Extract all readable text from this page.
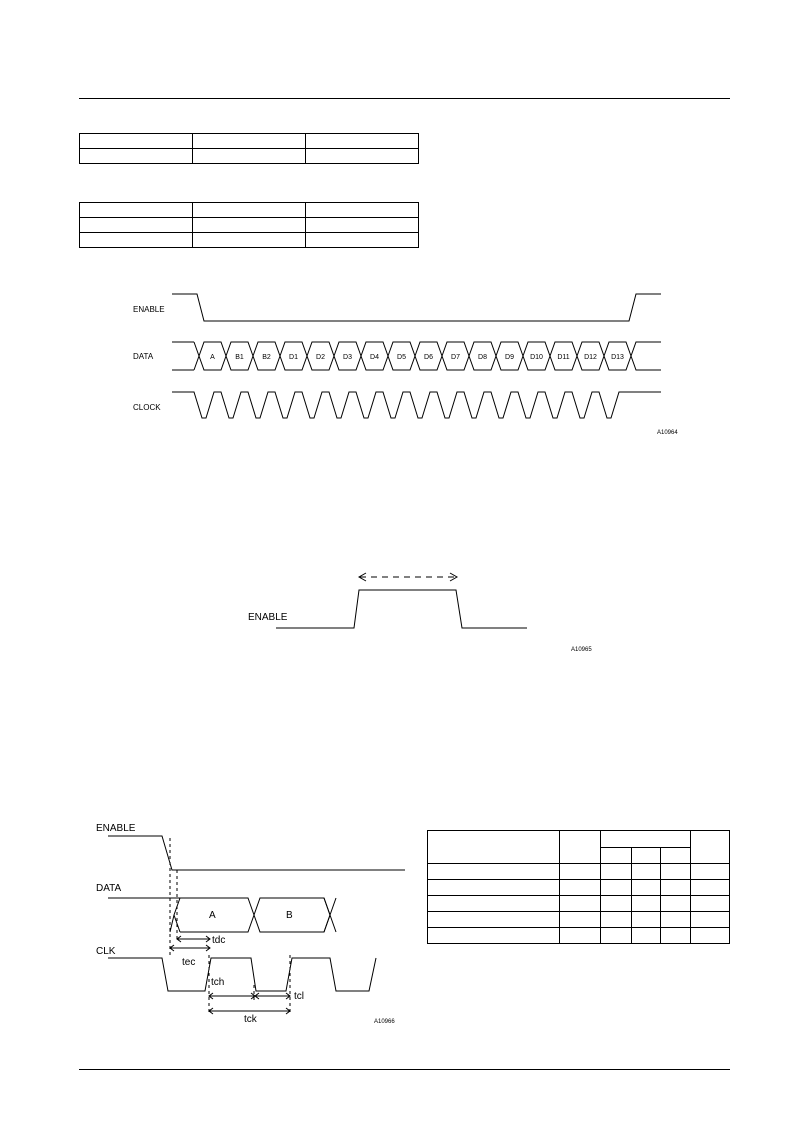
ENABLE
DATA
CLOCK
A	B1	B2	D1	D2	D3	D4	D5	D6	D7	D8	D9 D10 D11 D12 D13
A10964
ENABLE
A10965
ENABLE
DATA
CLK
A	B
tdc
tec
tch
tcl
tck	A10966
